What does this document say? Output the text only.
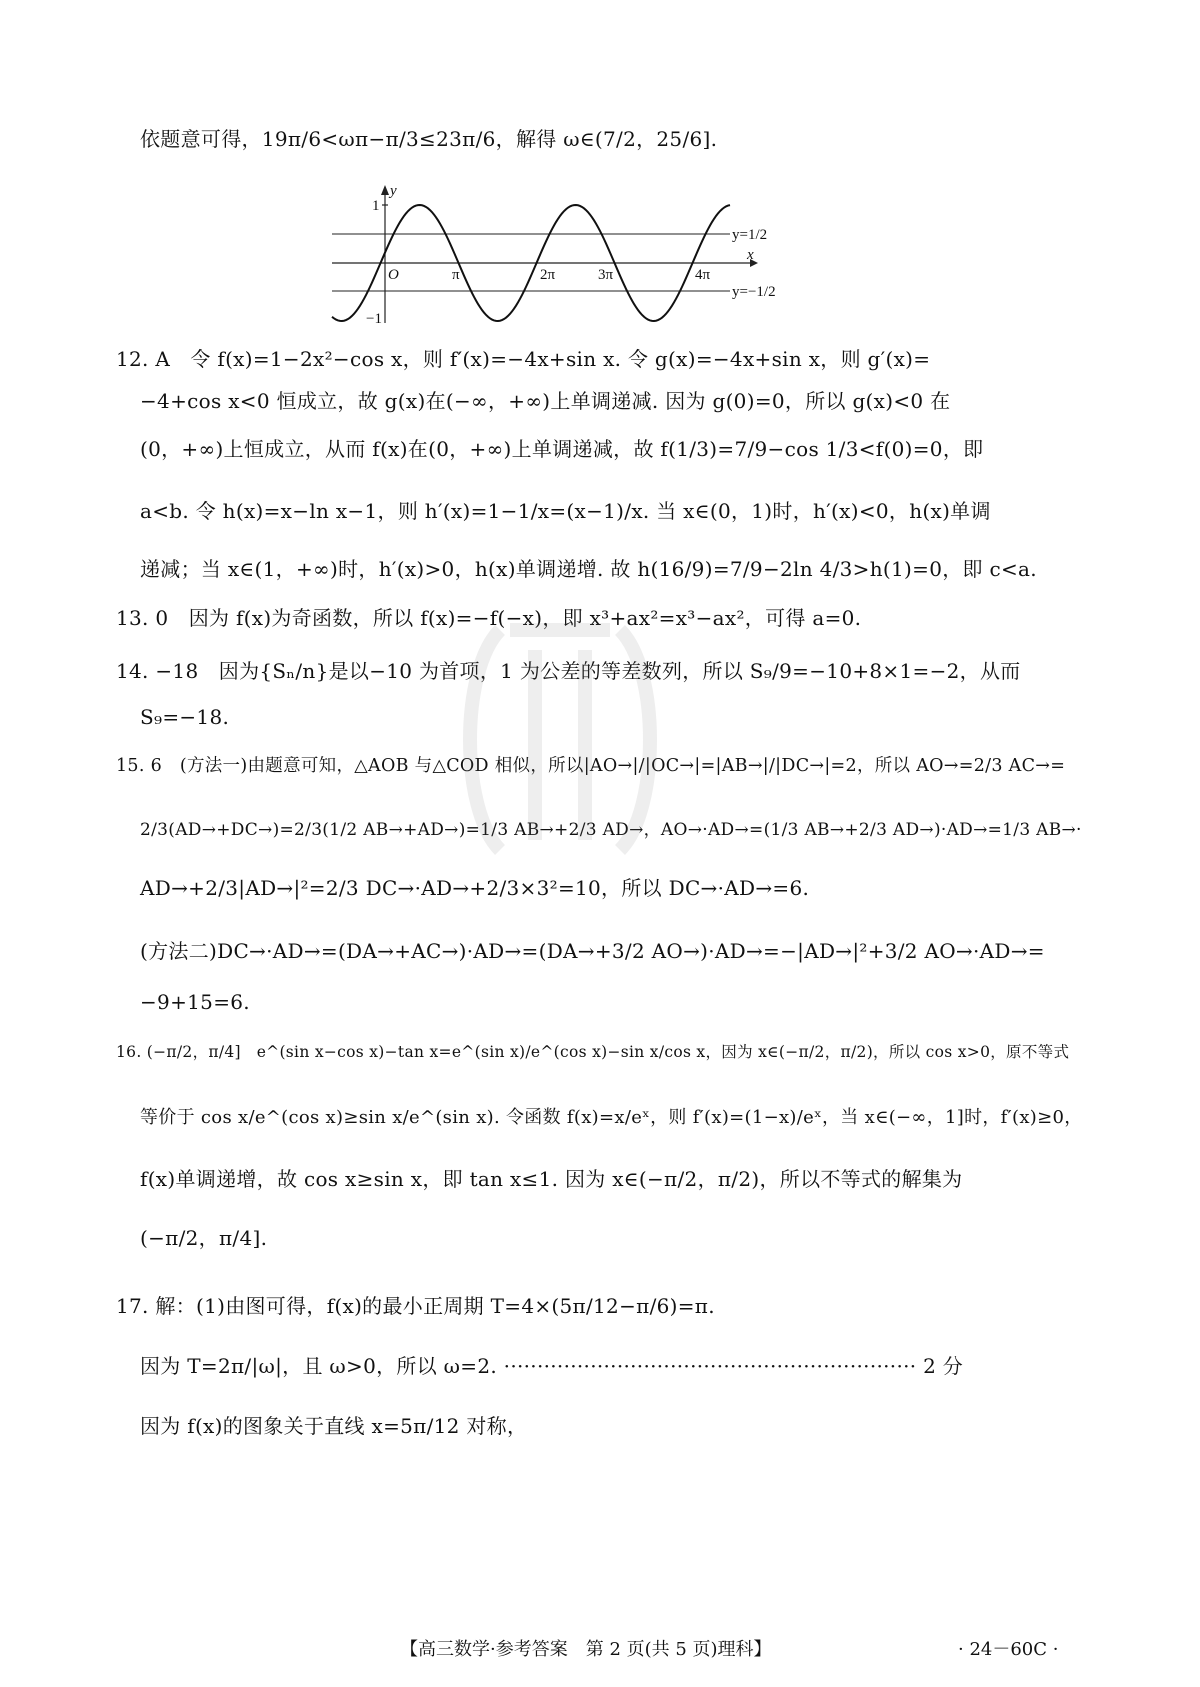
依题意可得，19π/6<ωπ−π/3≤23π/6，解得 ω∈(7/2，25/6].
12. A　令 f(x)=1−2x²−cos x，则 f′(x)=−4x+sin x. 令 g(x)=−4x+sin x，则 g′(x)=
−4+cos x<0 恒成立，故 g(x)在(−∞，+∞)上单调递减. 因为 g(0)=0，所以 g(x)<0 在
(0，+∞)上恒成立，从而 f(x)在(0，+∞)上单调递减，故 f(1/3)=7/9−cos 1/3<f(0)=0，即
a<b. 令 h(x)=x−ln x−1，则 h′(x)=1−1/x=(x−1)/x. 当 x∈(0，1)时，h′(x)<0，h(x)单调
递减；当 x∈(1，+∞)时，h′(x)>0，h(x)单调递增. 故 h(16/9)=7/9−2ln 4/3>h(1)=0，即 c<a.
13. 0　因为 f(x)为奇函数，所以 f(x)=−f(−x)，即 x³+ax²=x³−ax²，可得 a=0.
14. −18　因为{Sₙ/n}是以−10 为首项，1 为公差的等差数列，所以 S₉/9=−10+8×1=−2，从而
S₉=−18.
15. 6　(方法一)由题意可知，△AOB 与△COD 相似，所以|AO→|/|OC→|=|AB→|/|DC→|=2，所以 AO→=2/3 AC→=
2/3(AD→+DC→)=2/3(1/2 AB→+AD→)=1/3 AB→+2/3 AD→，AO→·AD→=(1/3 AB→+2/3 AD→)·AD→=1/3 AB→·
AD→+2/3|AD→|²=2/3 DC→·AD→+2/3×3²=10，所以 DC→·AD→=6.
(方法二)DC→·AD→=(DA→+AC→)·AD→=(DA→+3/2 AO→)·AD→=−|AD→|²+3/2 AO→·AD→=
−9+15=6.
16. (−π/2，π/4]　e^(sin x−cos x)−tan x=e^(sin x)/e^(cos x)−sin x/cos x，因为 x∈(−π/2，π/2)，所以 cos x>0，原不等式
等价于 cos x/e^(cos x)≥sin x/e^(sin x). 令函数 f(x)=x/eˣ，则 f′(x)=(1−x)/eˣ，当 x∈(−∞，1]时，f′(x)≥0，
f(x)单调递增，故 cos x≥sin x，即 tan x≤1. 因为 x∈(−π/2，π/2)，所以不等式的解集为
(−π/2，π/4].
17. 解：(1)由图可得，f(x)的最小正周期 T=4×(5π/12−π/6)=π.
因为 T=2π/|ω|，且 ω>0，所以 ω=2. ······························································ 2 分
因为 f(x)的图象关于直线 x=5π/12 对称，
y
x
1
−1
O	π	2π	3π	4π
y=1/2
y=−1/2
【高三数学·参考答案　第 2 页(共 5 页)理科】	· 24－60C ·
